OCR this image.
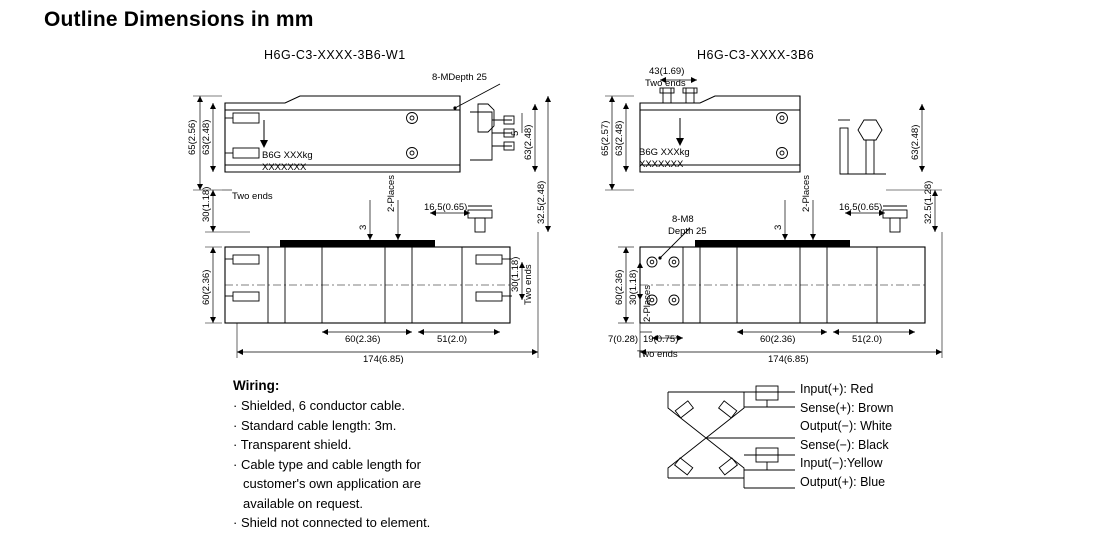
Outline Dimensions in mm
H6G-C3-XXXX-3B6-W1	H6G-C3-XXXX-3B6
65(2.56) 63(2.48)
30(1.18) Two ends
B6G XXXkg
XXXXXXX
8-MDepth 25
5 63(2.48)
32.5(2.48)
2-Places
3
16.5(0.65)
60(2.36)	30(1.18) Two ends
60(2.36)	51(2.0)
174(6.85)
43(1.69)
Two ends
65(2.57) 63(2.48) B6G XXXkg
XXXXXXX
63(2.48)
32.5(1.28)
8-M8
Depth 25
2-Places
3
16.5(0.65)
60(2.36) 30(1.18) 2-Places
7(0.28) 19(0.75)
Two ends
60(2.36)	51(2.0)
174(6.85)
Wiring:
· Shielded, 6 conductor cable.
· Standard cable length: 3m.
· Transparent shield.
· Cable type and cable length for
customer's own application are
available on request.
· Shield not connected to element.
Input(+): Red
Sense(+): Brown
Output(−): White
Sense(−): Black
Input(−):Yellow
Output(+): Blue
